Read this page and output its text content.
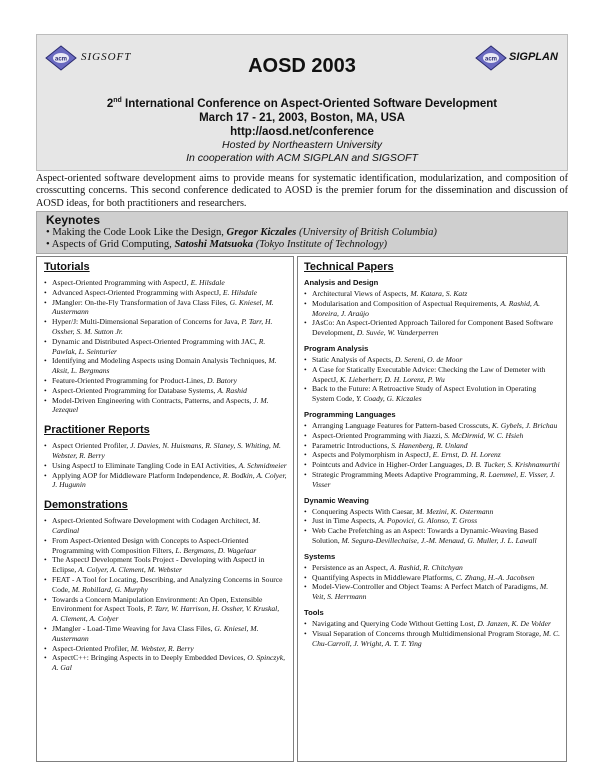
acm SIGSOFT	acm SIGPLAN
AOSD 2003
2nd International Conference on Aspect-Oriented Software Development
March 17 - 21, 2003, Boston, MA, USA
http://aosd.net/conference
Hosted by Northeastern University
In cooperation with ACM SIGPLAN and SIGSOFT
Aspect-oriented software development aims to provide means for systematic identification, modularization, and composition of crosscutting concerns. This second conference dedicated to AOSD is the premier forum for the dissemination and discussion of AOSD ideas, for both practitioners and researchers.
Keynotes
• Making the Code Look Like the Design, Gregor Kiczales (University of British Columbia)
• Aspects of Grid Computing, Satoshi Matsuoka (Tokyo Institute of Technology)
Tutorials
• Aspect-Oriented Programming with AspectJ, E. Hilsdale
• Advanced Aspect-Oriented Programming with AspectJ, E. Hilsdale
• JMangler: On-the-Fly Transformation of Java Class Files, G. Kniesel, M. Austermann
• Hyper/J: Multi-Dimensional Separation of Concerns for Java, P. Tarr, H. Ossher, S. M. Sutton Jr.
• Dynamic and Distributed Aspect-Oriented Programming with JAC, R. Pawlak, L. Seinturier
• Identifying and Modeling Aspects using Domain Analysis Techniques, M. Aksit, L. Bergmans
• Feature-Oriented Programming for Product-Lines, D. Batory
• Aspect-Oriented Programming for Database Systems, A. Rashid
• Model-Driven Engineering with Contracts, Patterns, and Aspects, J. M. Jezequel
Practitioner Reports
• Aspect Oriented Profiler, J. Davies, N. Huismans, R. Slaney, S. Whiting, M. Webster, R. Berry
• Using AspectJ to Eliminate Tangling Code in EAI Activities, A. Schmidmeier
• Applying AOP for Middleware Platform Independence, R. Bodkin, A. Colyer, J. Hugunin
Demonstrations
• Aspect-Oriented Software Development with Codagen Architect, M. Cardinal
• From Aspect-Oriented Design with Concepts to Aspect-Oriented Programming with Composition Filters, L. Bergmans, D. Wagelaar
• The AspectJ Development Tools Project - Developing with AspectJ in Eclipse, A. Colyer, A. Clement, M. Webster
• FEAT - A Tool for Locating, Describing, and Analyzing Concerns in Source Code, M. Robillard, G. Murphy
• Towards a Concern Manipulation Environment: An Open, Extensible Environment for Aspect Tools, P. Tarr, W. Harrison, H. Ossher, V. Kruskal, A. Clement, A. Colyer
• JMangler - Load-Time Weaving for Java Class Files, G. Kniesel, M. Austermann
• Aspect-Oriented Profiler, M. Webster, R. Berry
• AspectC++: Bringing Aspects in to Deeply Embedded Devices, O. Spinczyk, A. Gal
Technical Papers
Analysis and Design
• Architectural Views of Aspects, M. Katara, S. Katz
• Modularisation and Composition of Aspectual Requirements, A. Rashid, A. Moreira, J. Araújo
• JAsCo: An Aspect-Oriented Approach Tailored for Component Based Software Development, D. Suvée, W. Vanderperren
Program Analysis
• Static Analysis of Aspects, D. Sereni, O. de Moor
• A Case for Statically Executable Advice: Checking the Law of Demeter with AspectJ, K. Lieberherr, D. H. Lorenz, P. Wu
• Back to the Future: A Retroactive Study of Aspect Evolution in Operating System Code, Y. Coady, G. Kiczales
Programming Languages
• Arranging Language Features for Pattern-based Crosscuts, K. Gybels, J. Brichau
• Aspect-Oriented Programming with Jiazzi, S. McDirmid, W. C. Hsieh
• Parametric Introductions, S. Hanenberg, R. Unland
• Aspects and Polymorphism in AspectJ, E. Ernst, D. H. Lorenz
• Pointcuts and Advice in Higher-Order Languages, D. B. Tucker, S. Krishnamurthi
• Strategic Programming Meets Adaptive Programming, R. Laemmel, E. Visser, J. Visser
Dynamic Weaving
• Conquering Aspects With Caesar, M. Mezini, K. Ostermann
• Just in Time Aspects, A. Popovici, G. Alonso, T. Gross
• Web Cache Prefetching as an Aspect: Towards a Dynamic-Weaving Based Solution, M. Segura-Devillechaise, J.-M. Menaud, G. Muller, J. L. Lawall
Systems
• Persistence as an Aspect, A. Rashid, R. Chitchyan
• Quantifying Aspects in Middleware Platforms, C. Zhang, H.-A. Jacobsen
• Model-View-Controller and Object Teams: A Perfect Match of Paradigms, M. Veit, S. Herrmann
Tools
• Navigating and Querying Code Without Getting Lost, D. Janzen, K. De Volder
• Visual Separation of Concerns through Multidimensional Program Storage, M. C. Chu-Carroll, J. Wright, A. T. T. Ying
